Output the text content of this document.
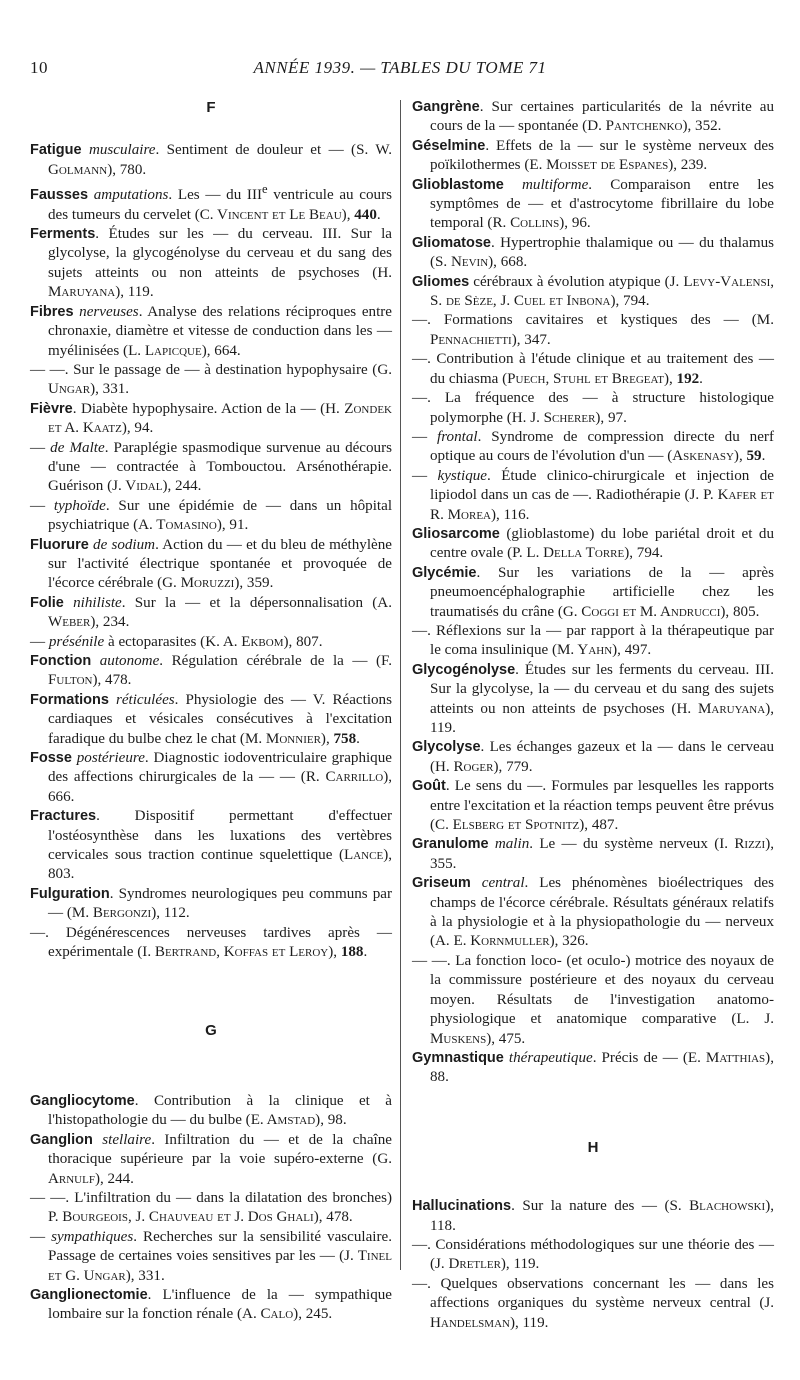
10	ANNÉE 1939. — TABLES DU TOME 71
F

Fatigue musculaire. Sentiment de douleur et — (S. W. Golmann), 780.

Fausses amputations. Les — du IIIe ventricule au cours des tumeurs du cervelet (C. Vincent et Le Beau), 440.

Ferments. Études sur les — du cerveau. III. Sur la glycolyse, la glycogénolyse du cerveau et du sang des sujets atteints ou non atteints de psychoses (H. Maruyana), 119.

Fibres nerveuses. Analyse des relations réciproques entre chronaxie, diamètre et vitesse de conduction dans les — myélinisées (L. Lapicque), 664.

— —. Sur le passage de — à destination hypophysaire (G. Ungar), 331.

Fièvre. Diabète hypophysaire. Action de la — (H. Zondek et A. Kaatz), 94.

— de Malte. Paraplégie spasmodique survenue au décours d'une — contractée à Tombouctou. Arsénothérapie. Guérison (J. Vidal), 244.

— typhoïde. Sur une épidémie de — dans un hôpital psychiatrique (A. Tomasino), 91.

Fluorure de sodium. Action du — et du bleu de méthylène sur l'activité électrique spontanée et provoquée de l'écorce cérébrale (G. Moruzzi), 359.

Folie nihiliste. Sur la — et la dépersonnalisation (A. Weber), 234.

— présénile à ectoparasites (K. A. Ekbom), 807.

Fonction autonome. Régulation cérébrale de la — (F. Fulton), 478.

Formations réticulées. Physiologie des — V. Réactions cardiaques et vésicales consécutives à l'excitation faradique du bulbe chez le chat (M. Monnier), 758.

Fosse postérieure. Diagnostic iodoventriculaire graphique des affections chirurgicales de la — — (R. Carrillo), 666.

Fractures. Dispositif permettant d'effectuer l'ostéosynthèse dans les luxations des vertèbres cervicales sous traction continue squelettique (Lance), 803.

Fulguration. Syndromes neurologiques peu communs par — (M. Bergonzi), 112.

—. Dégénérescences nerveuses tardives après — expérimentale (I. Bertrand, Koffas et Leroy), 188.

G

Gangliocytome. Contribution à la clinique et à l'histopathologie du — du bulbe (E. Amstad), 98.

Ganglion stellaire. Infiltration du — et de la chaîne thoracique supérieure par la voie supéro-externe (G. Arnulf), 244.

— —. L'infiltration du — dans la dilatation des bronches) P. Bourgeois, J. Chauveau et J. Dos Ghali), 478.

— sympathiques. Recherches sur la sensibilité vasculaire. Passage de certaines voies sensitives par les — (J. Tinel et G. Ungar), 331.

Ganglionectomie. L'influence de la — sympathique lombaire sur la fonction rénale (A. Calo), 245.

Gangrène. Sur certaines particularités de la névrite au cours de la — spontanée (D. Pantchenko), 352.

Géselmine. Effets de la — sur le système nerveux des poïkilothermes (E. Moisset de Espanes), 239.

Glioblastome multiforme. Comparaison entre les symptômes de — et d'astrocytome fibrillaire du lobe temporal (R. Collins), 96.

Gliomatose. Hypertrophie thalamique ou — du thalamus (S. Nevin), 668.

Gliomes cérébraux à évolution atypique (J. Levy-Valensi, S. de Sèze, J. Cuel et Inbona), 794.

—. Formations cavitaires et kystiques des — (M. Pennachietti), 347.

—. Contribution à l'étude clinique et au traitement des — du chiasma (Puech, Stuhl et Bregeat), 192.

—. La fréquence des — à structure histologique polymorphe (H. J. Scherer), 97.

— frontal. Syndrome de compression directe du nerf optique au cours de l'évolution d'un — (Askenasy), 59.

— kystique. Étude clinico-chirurgicale et injection de lipiodol dans un cas de —. Radiothérapie (J. P. Kafer et R. Morea), 116.

Gliosarcome (glioblastome) du lobe pariétal droit et du centre ovale (P. L. Della Torre), 794.

Glycémie. Sur les variations de la — après pneumoencéphalographie artificielle chez les traumatisés du crâne (G. Coggi et M. Andrucci), 805.

—. Réflexions sur la — par rapport à la thérapeutique par le coma insulinique (M. Yahn), 497.

Glycogénolyse. Études sur les ferments du cerveau. III. Sur la glycolyse, la — du cerveau et du sang des sujets atteints ou non atteints de psychoses (H. Maruyana), 119.

Glycolyse. Les échanges gazeux et la — dans le cerveau (H. Roger), 779.

Goût. Le sens du —. Formules par lesquelles les rapports entre l'excitation et la réaction temps peuvent être prévus (C. Elsberg et Spotnitz), 487.

Granulome malin. Le — du système nerveux (I. Rizzi), 355.

Griseum central. Les phénomènes bioélectriques des champs de l'écorce cérébrale. Résultats généraux relatifs à la physiologie et à la physiopathologie du — nerveux (A. E. Kornmuller), 326.

— —. La fonction loco- (et oculo-) motrice des noyaux de la commissure postérieure et des noyaux du cerveau moyen. Résultats de l'investigation anatomo-physiologique et anatomique comparative (L. J. Muskens), 475.

Gymnastique thérapeutique. Précis de — (E. Matthias), 88.

H

Hallucinations. Sur la nature des — (S. Blachowski), 118.

—. Considérations méthodologiques sur une théorie des — (J. Dretler), 119.

—. Quelques observations concernant les — dans les affections organiques du système nerveux central (J. Handelsman), 119.
